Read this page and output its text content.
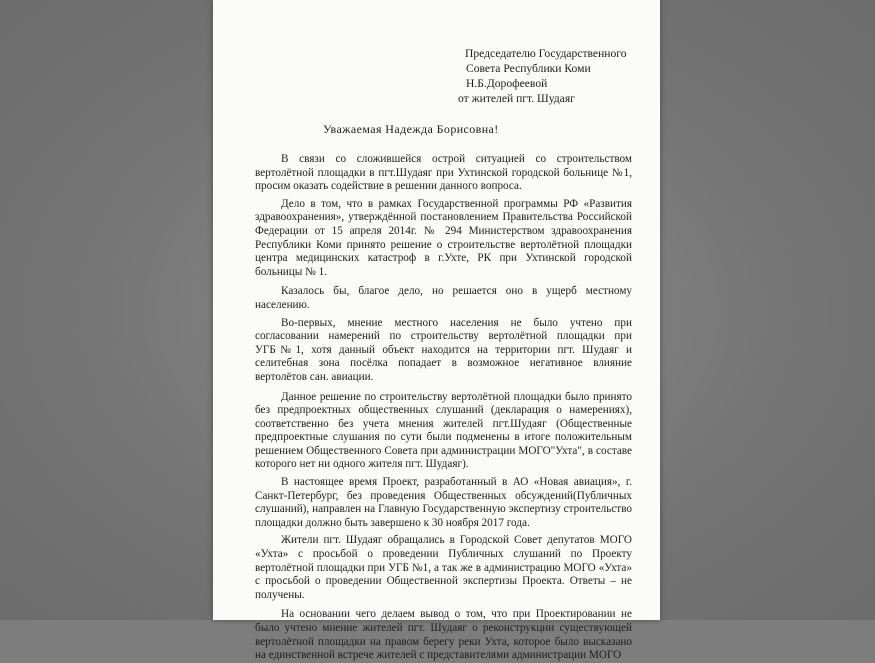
Председателю Государственного
Совета Республики Коми
Н.Б.Дорофеевой
от жителей пгт. Шудаяг
Уважаемая Надежда Борисовна!

В связи со сложившейся острой ситуацией со строительством вертолётной площадки в пгт.Шудаяг при Ухтинской городской больнице №1, просим оказать содействие в решении данного вопроса.

Дело в том, что в рамках Государственной программы РФ «Развития здравоохранения», утверждённой постановлением Правительства Российской Федерации от 15 апреля 2014г. № 294 Министерством здравоохранения Республики Коми принято решение о строительстве вертолётной площадки центра медицинских катастроф в г.Ухте, РК при Ухтинской городской больницы № 1.

Казалось бы, благое дело, но решается оно в ущерб местному населению.

Во-первых, мнение местного населения не было учтено при согласовании намерений по строительству вертолётной площадки при УГБ№1, хотя данный объект находится на территории пгт. Шудаяг и селитебная зона посёлка попадает в возможное негативное влияние вертолётов сан. авиации.

Данное решение по строительству вертолётной площадки было принято без предпроектных общественных слушаний (декларация о намерениях), соответственно без учета мнения жителей пгт.Шудаяг (Общественные предпроектные слушания по сути были подменены в итоге положительным решением Общественного Совета при администрации МОГО"Ухта", в составе которого нет ни одного жителя пгт. Шудаяг).

В настоящее время Проект, разработанный в АО «Новая авиация», г. Санкт-Петербург, без проведения Общественных обсуждений(Публичных слушаний), направлен на Главную Государственную экспертизу строительство площадки должно быть завершено к 30 ноября 2017 года.

Жители пгт. Шудаяг обращались в Городской Совет депутатов МОГО «Ухта» с просьбой о проведении Публичных слушаний по Проекту вертолётной площадки при УГБ №1, а так же в администрацию МОГО «Ухта» с просьбой о проведении Общественной экспертизы Проекта. Ответы – не получены.

На основании чего делаем вывод о том, что при Проектировании не было учтено мнение жителей пгт. Шудаяг о реконструкции существующей вертолётной площадки на правом берегу реки Ухта, которое было высказано на единственной встрече жителей с представителями администрации МОГО
